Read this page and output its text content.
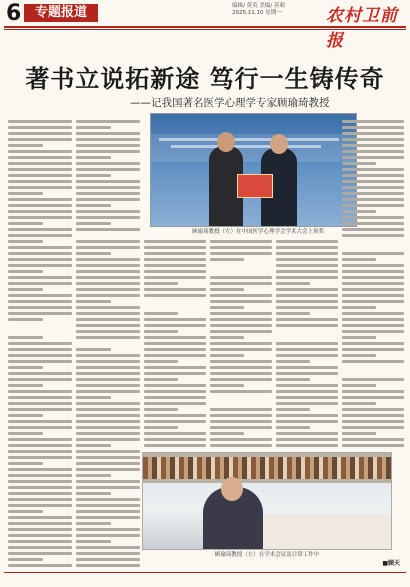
6	专题报道	编辑/ 黄英 美编/ 苏莉
2025.11.10 星期一	农村卫前报
著书立说拓新途 笃行一生铸传奇
——记我国著名医学心理学专家顾瑜琦教授
顾瑜琦教授（左）在中国医学心理学会学术大会上领奖
顾瑜琦教授（左）在学术会议及日常工作中
■顾天
